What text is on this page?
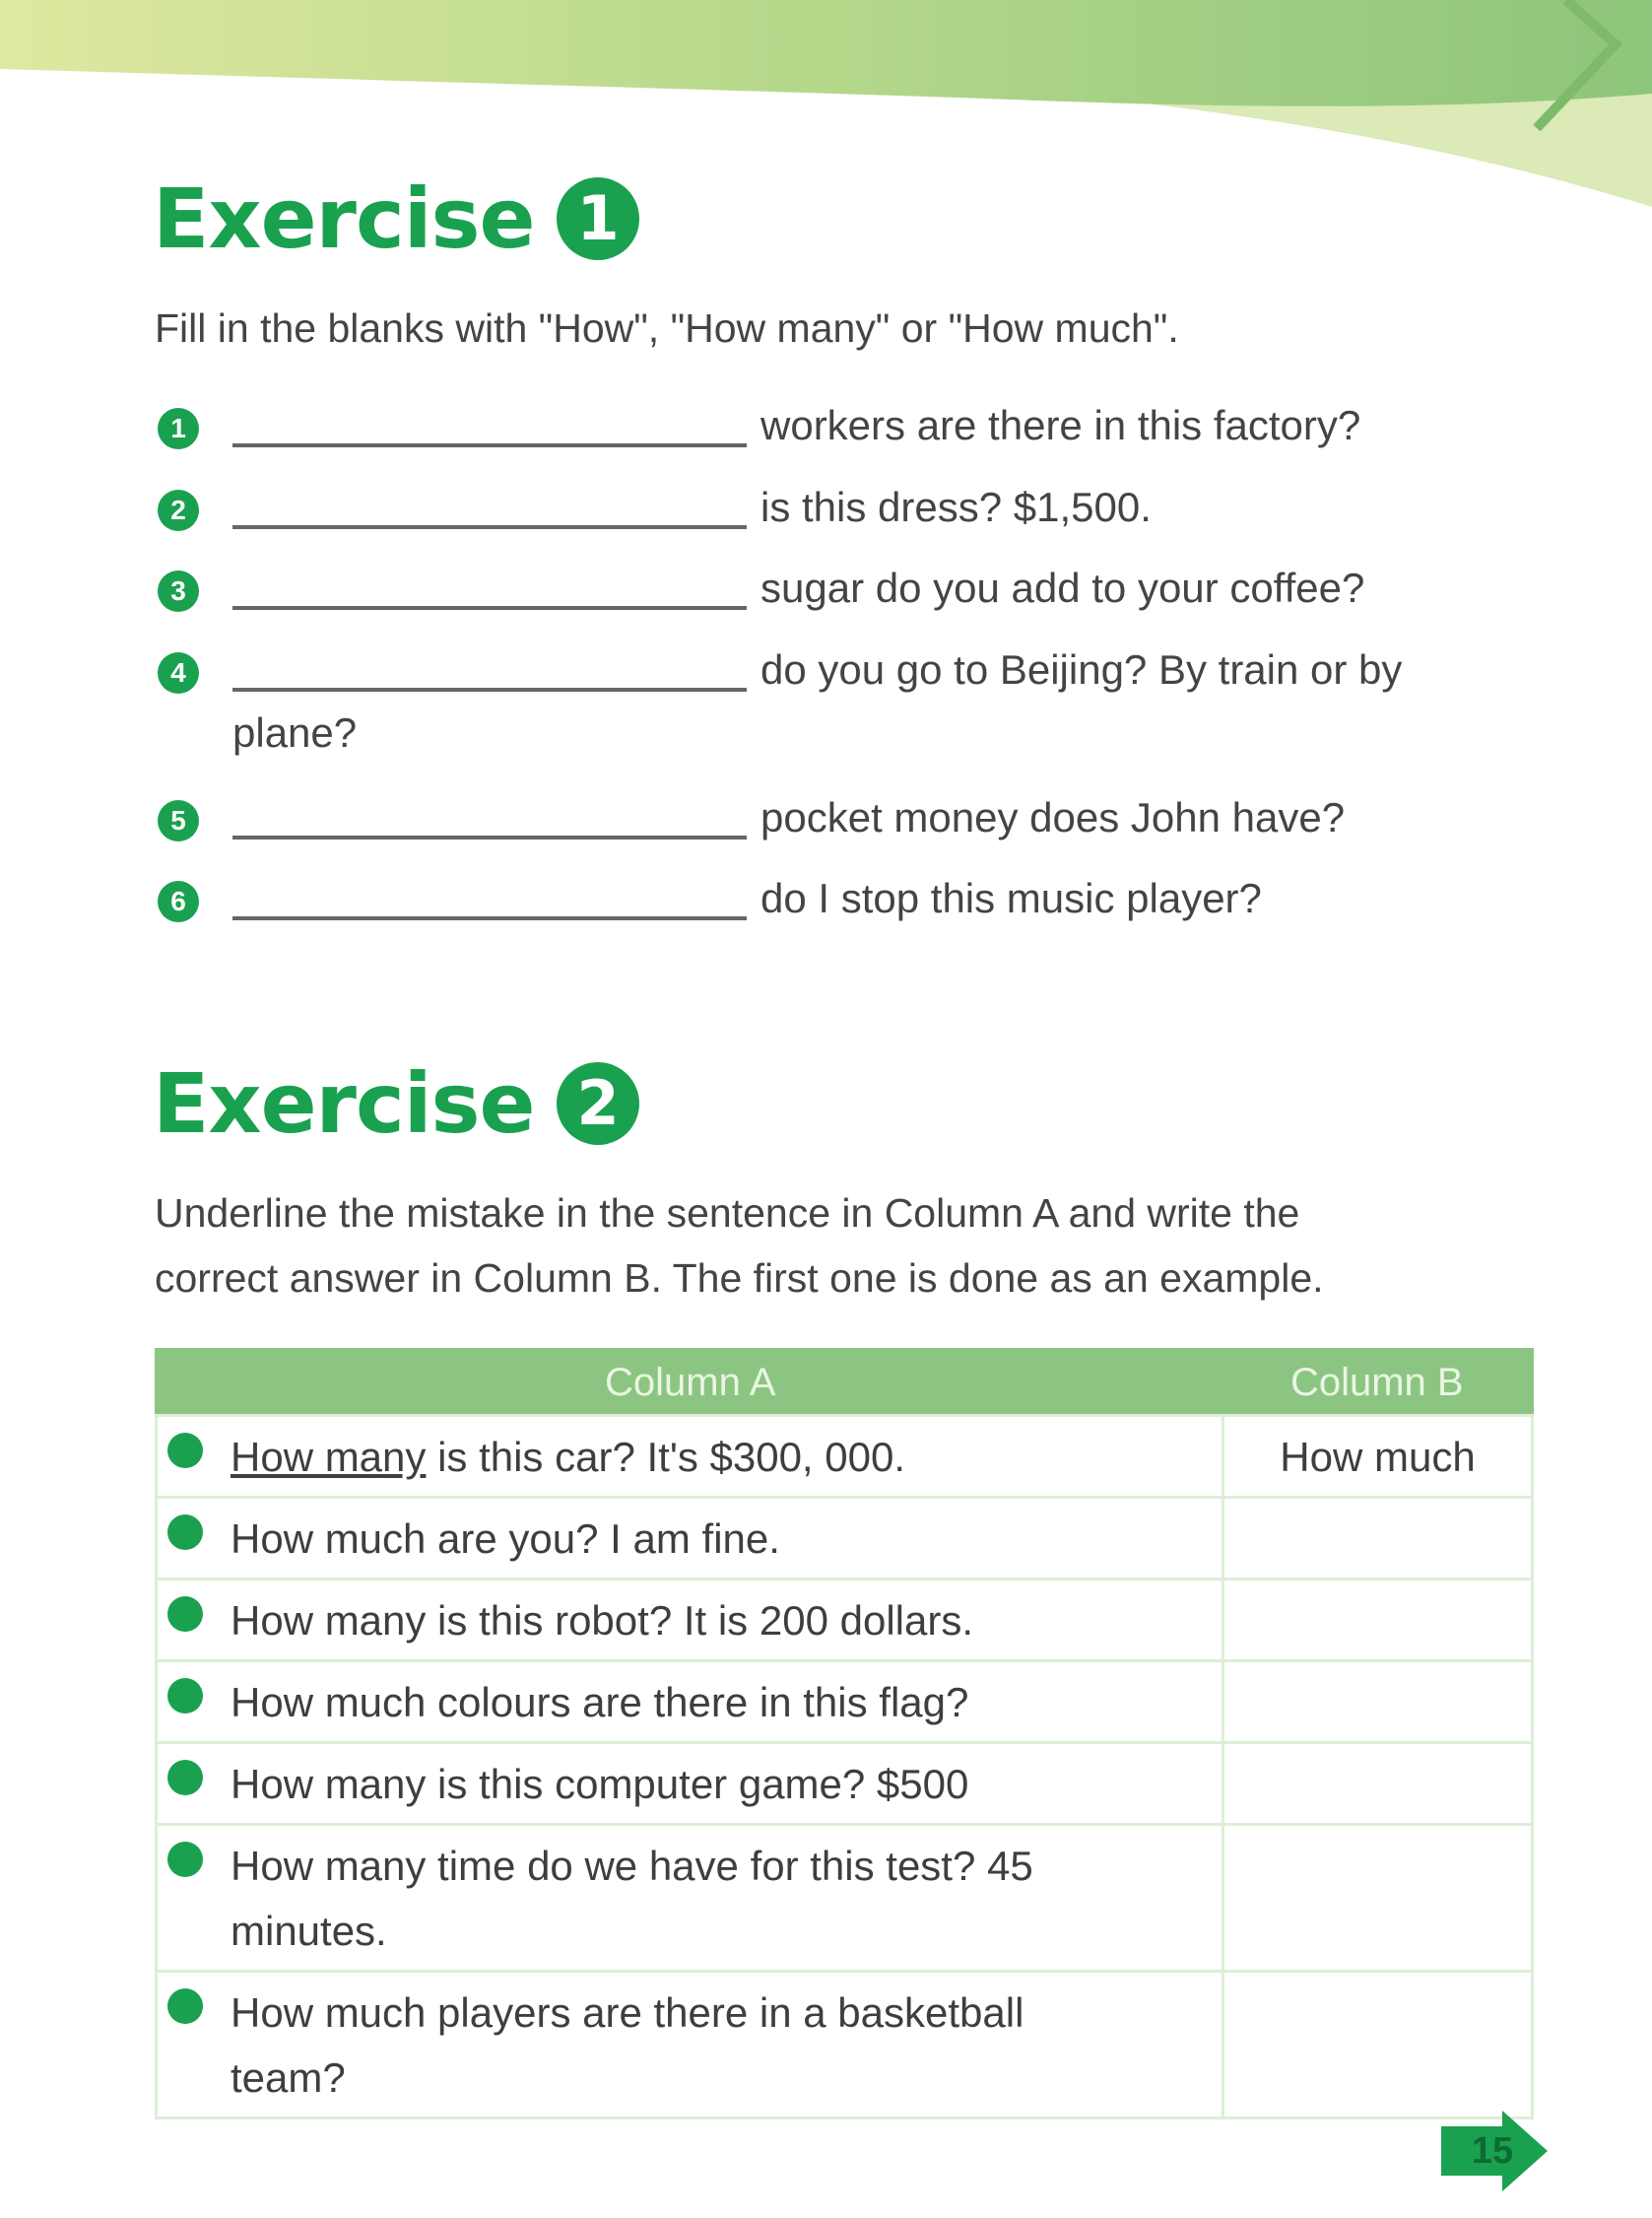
Exercise 1
Fill in the blanks with "How", "How many" or "How much".
1	workers are there in this factory?
2	is this dress? $1,500.
3	sugar do you add to your coffee?
4	do you go to Beijing? By train or by
plane?
5	pocket money does John have?
6	do I stop this music player?
Exercise 2
Underline the mistake in the sentence in Column A and write the
correct answer in Column B. The first one is done as an example.
Column A	Column B

How many is this car? It's $300, 000.	How much

How much are you? I am fine.	

How many is this robot? It is 200 dollars.	

How much colours are there in this flag?	

How many is this computer game? $500	

How many time do we have for this test? 45
minutes.	

How much players are there in a basketball
team?	

15
